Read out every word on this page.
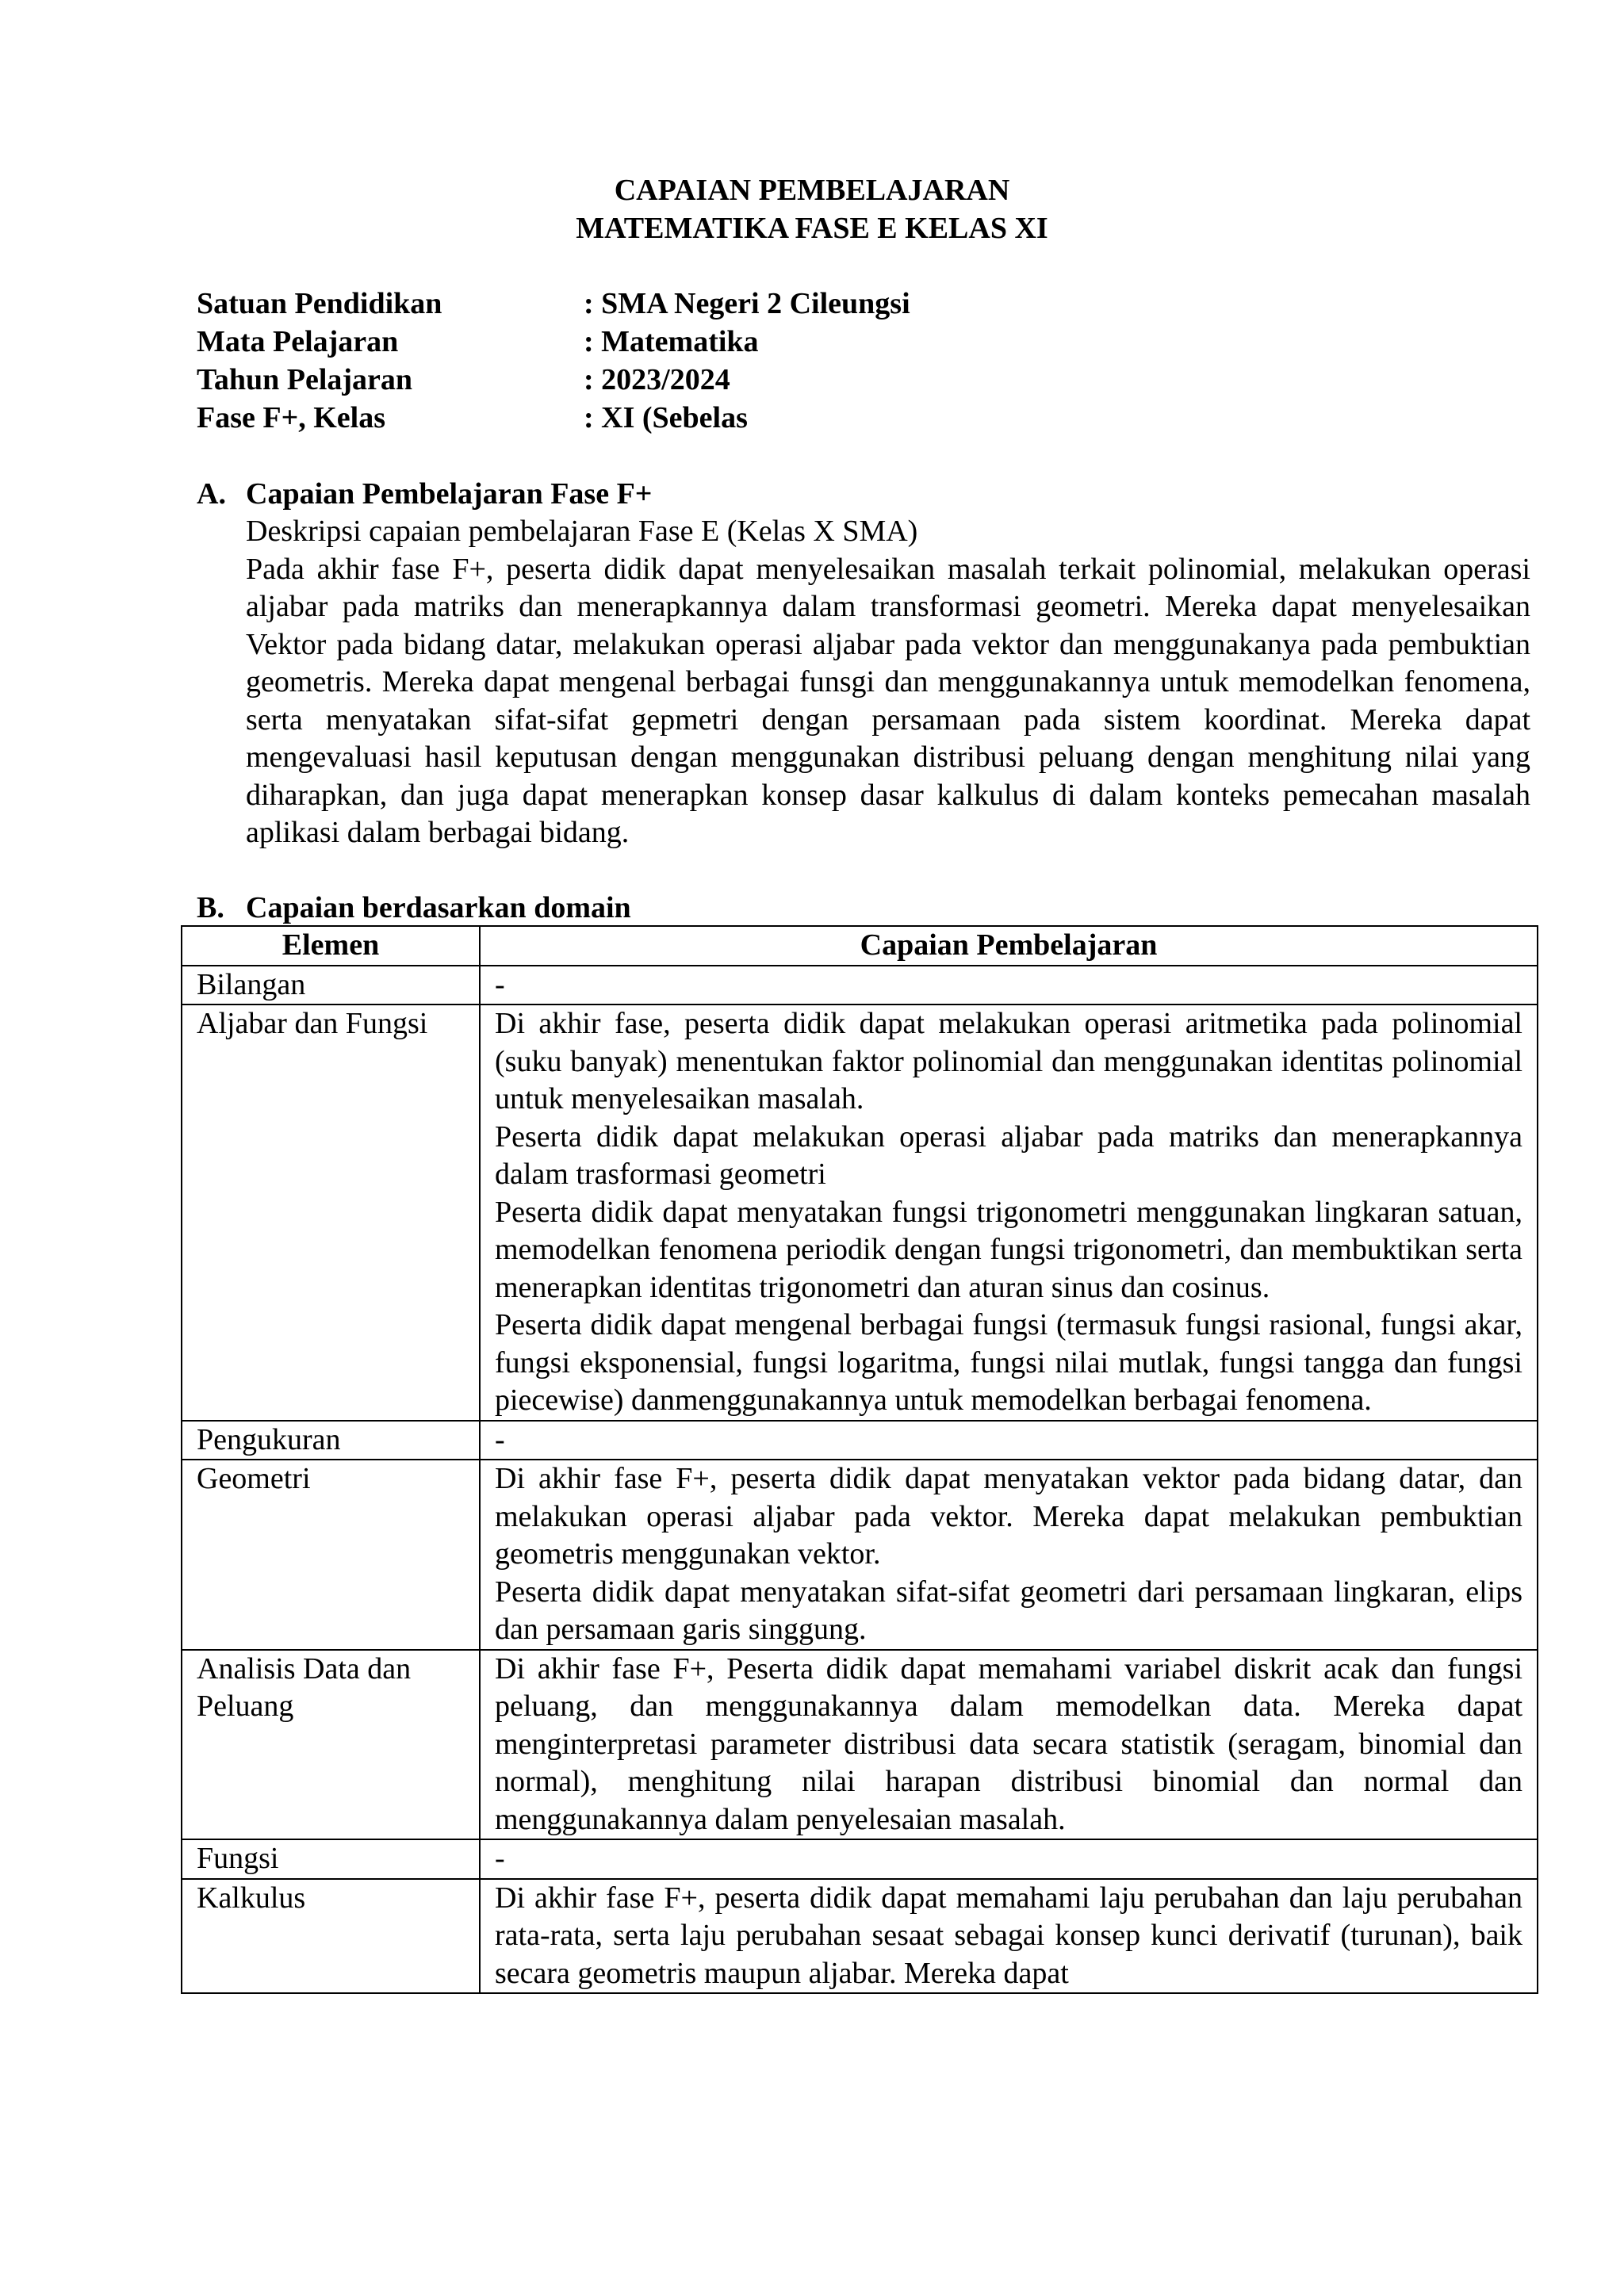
CAPAIAN PEMBELAJARAN
MATEMATIKA FASE E KELAS XI
Satuan Pendidikan	: SMA Negeri 2 Cileungsi
Mata Pelajaran	: Matematika
Tahun Pelajaran	: 2023/2024
Fase F+, Kelas	: XI (Sebelas
A. Capaian Pembelajaran Fase F+

Deskripsi capaian pembelajaran Fase E (Kelas X SMA)

Pada akhir fase F+, peserta didik dapat menyelesaikan masalah terkait polinomial, melakukan operasi aljabar pada matriks dan menerapkannya dalam transformasi geometri. Mereka dapat menyelesaikan Vektor pada bidang datar, melakukan operasi aljabar pada vektor dan menggunakanya pada pembuktian geometris. Mereka dapat mengenal berbagai funsgi dan menggunakannya untuk memodelkan fenomena, serta menyatakan sifat-sifat gepmetri dengan persamaan pada sistem koordinat. Mereka dapat mengevaluasi hasil keputusan dengan menggunakan distribusi peluang dengan menghitung nilai yang diharapkan, dan juga dapat menerapkan konsep dasar kalkulus di dalam konteks pemecahan masalah aplikasi dalam berbagai bidang.

B. Capaian berdasarkan domain
Elemen	Capaian Pembelajaran
Bilangan	-

Aljabar dan Fungsi	Di akhir fase, peserta didik dapat melakukan operasi aritmetika pada polinomial (suku banyak) menentukan faktor polinomial dan menggunakan identitas polinomial untuk menyelesaikan masalah.

Peserta didik dapat melakukan operasi aljabar pada matriks dan menerapkannya dalam trasformasi geometri

Peserta didik dapat menyatakan fungsi trigonometri menggunakan lingkaran satuan, memodelkan fenomena periodik dengan fungsi trigonometri, dan membuktikan serta menerapkan identitas trigonometri dan aturan sinus dan cosinus.

Peserta didik dapat mengenal berbagai fungsi (termasuk fungsi rasional, fungsi akar, fungsi eksponensial, fungsi logaritma, fungsi nilai mutlak, fungsi tangga dan fungsi piecewise) danmenggunakannya untuk memodelkan berbagai fenomena.

Pengukuran	-

Geometri	Di akhir fase F+, peserta didik dapat menyatakan vektor pada bidang datar, dan melakukan operasi aljabar pada vektor. Mereka dapat melakukan pembuktian geometris menggunakan vektor.

Peserta didik dapat menyatakan sifat-sifat geometri dari persamaan lingkaran, elips dan persamaan garis singgung.

Analisis Data dan Peluang	Di akhir fase F+, Peserta didik dapat memahami variabel diskrit acak dan fungsi peluang, dan menggunakannya dalam memodelkan data. Mereka dapat menginterpretasi parameter distribusi data secara statistik (seragam, binomial dan normal), menghitung nilai harapan distribusi binomial dan normal dan menggunakannya dalam penyelesaian masalah.

Fungsi	-

Kalkulus	Di akhir fase F+, peserta didik dapat memahami laju perubahan dan laju perubahan rata-rata, serta laju perubahan sesaat sebagai konsep kunci derivatif (turunan), baik secara geometris maupun aljabar. Mereka dapat
